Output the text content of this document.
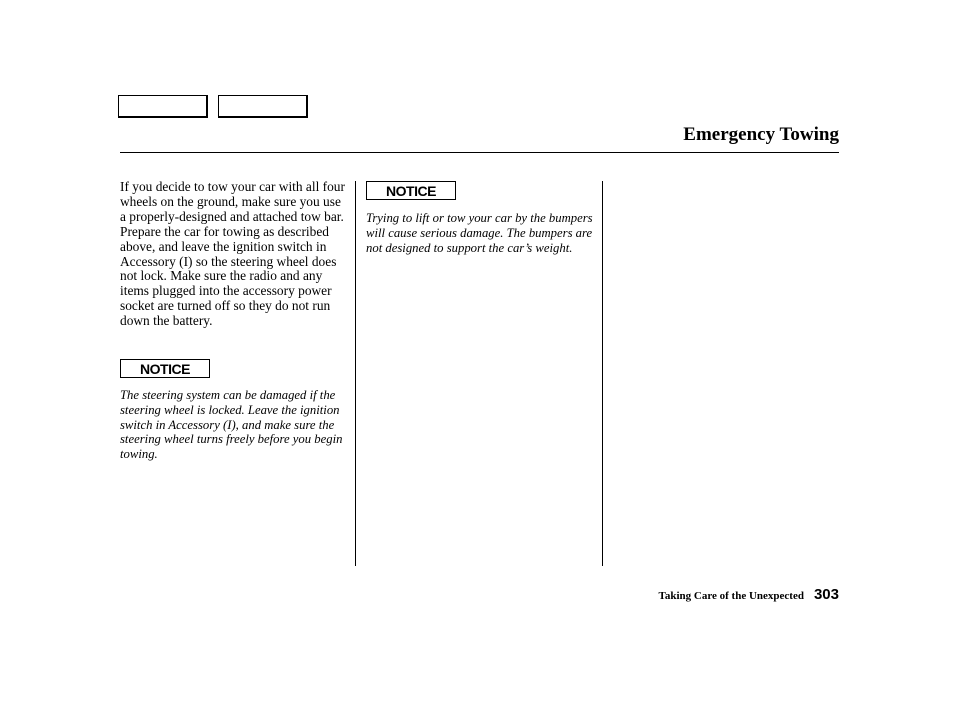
Emergency Towing

If you decide to tow your car with all four wheels on the ground, make sure you use a properly-designed and attached tow bar. Prepare the car for towing as described above, and leave the ignition switch in Accessory (I) so the steering wheel does not lock. Make sure the radio and any items plugged into the accessory power socket are turned off so they do not run down the battery.

NOTICE

The steering system can be damaged if the steering wheel is locked. Leave the ignition switch in Accessory (I), and make sure the steering wheel turns freely before you begin towing.

NOTICE

Trying to lift or tow your car by the bumpers will cause serious damage. The bumpers are not designed to support the car’s weight.

Taking Care of the Unexpected 303
